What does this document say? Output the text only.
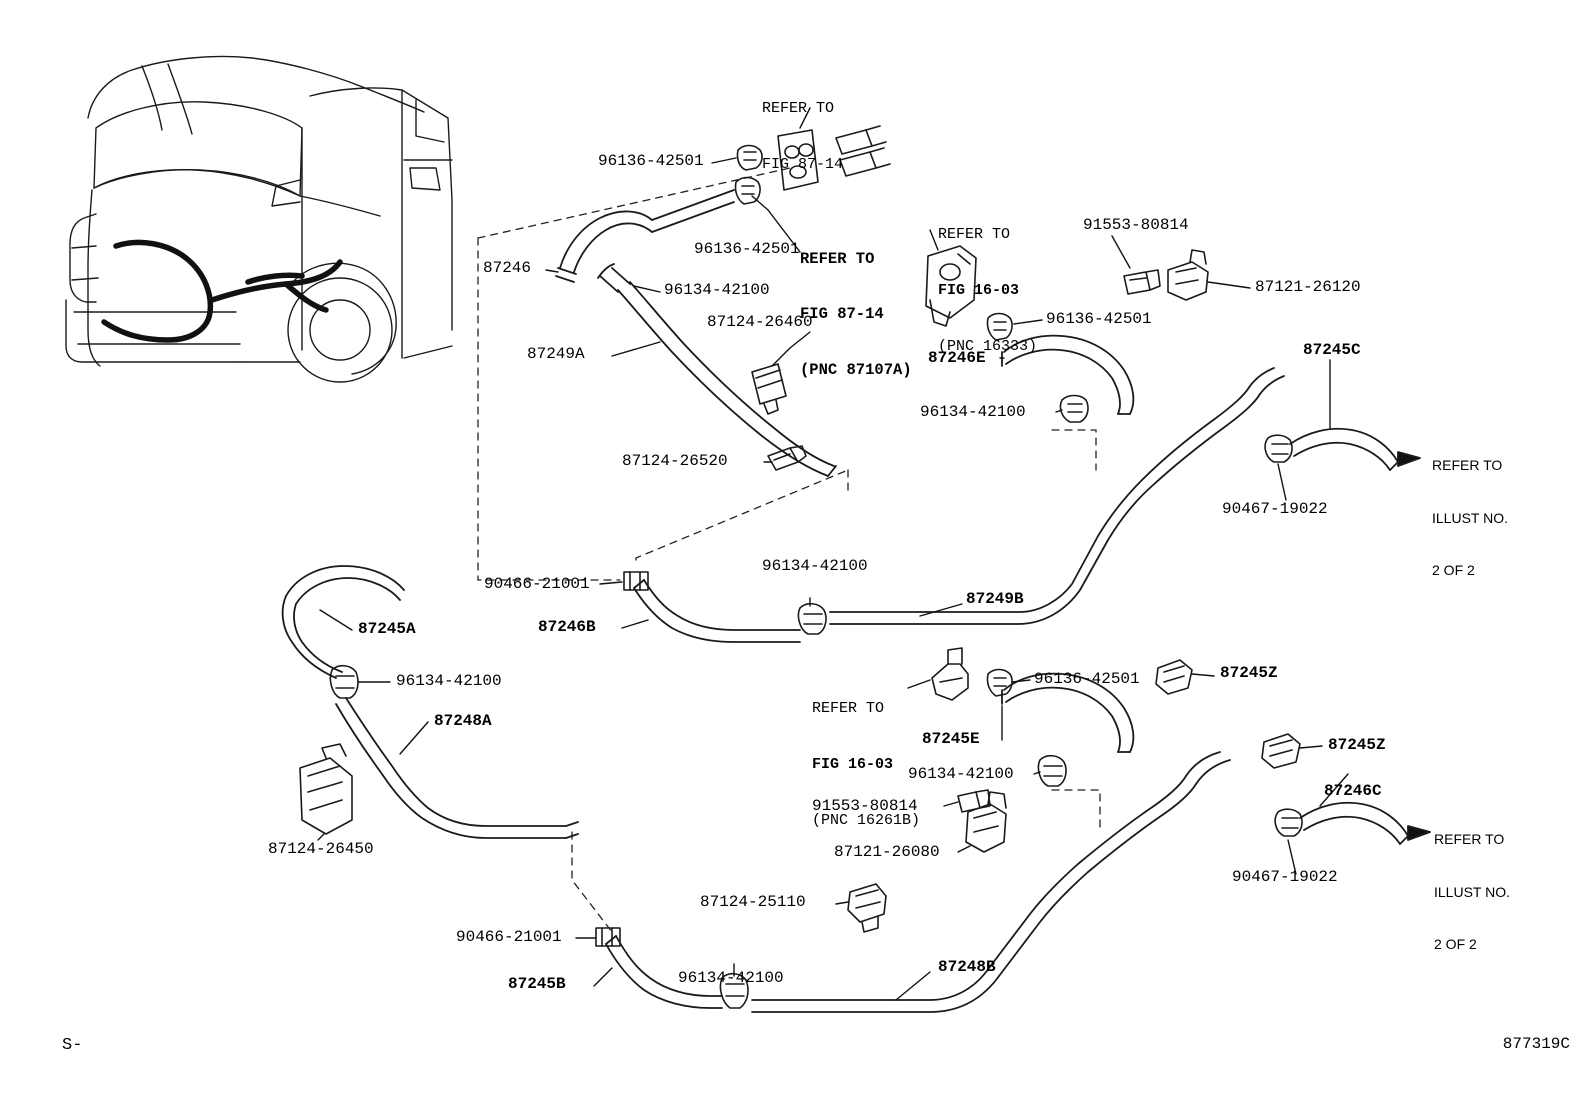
REFER TO

FIG 87-14

REFER TO

FIG 87-14

(PNC 87107A)

REFER TO

FIG 16-03

(PNC 16333)

REFER TO

FIG 16-03

(PNC 16261B)

REFER TO

ILLUST NO.

2 OF 2

REFER TO

ILLUST NO.

2 OF 2

96136-42501
96136-42501
87246
96134-42100
87249A
87124-26460
87124-26520
91553-80814
87121-26120
96136-42501
87246E
96134-42100
87245C
90467-19022
90466-21001
96134-42100
87246B
87249B
87245A
96134-42100
87248A
87124-26450
96136-42501	87245Z
87245E
96134-42100
91553-80814
87121-26080
87245Z
87246C
90467-19022
87124-25110
90466-21001
96134-42100
87245B
87248B
S-	877319C
